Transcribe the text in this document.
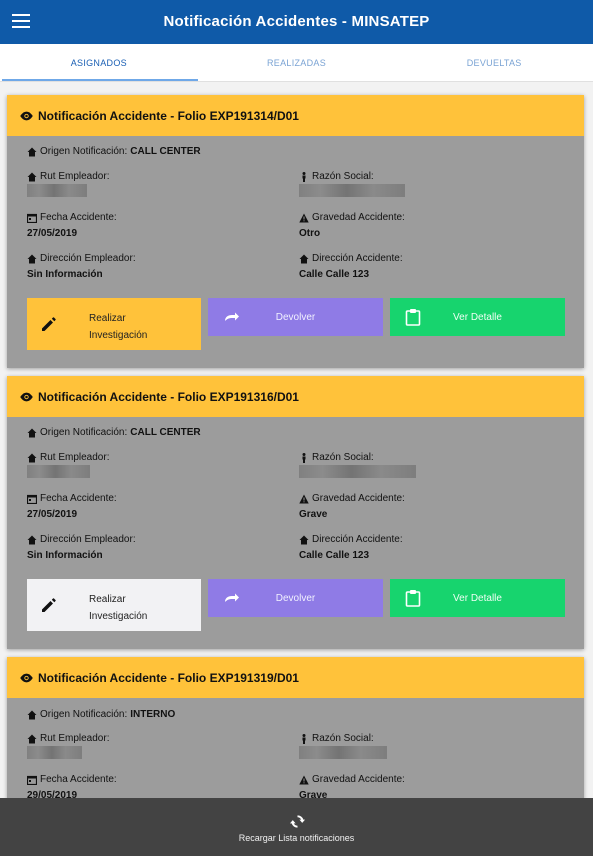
Notificación Accidentes - MINSATEP
ASIGNADOS	REALIZADAS	DEVUELTAS
Notificación Accidente - Folio EXP191314/D01
Origen Notificación: CALL CENTER
Rut Empleador:	Razón Social:
Fecha Accidente:
27/05/2019
Gravedad Accidente:
Otro
Dirección Empleador:
Sin Información
Dirección Accidente:
Calle Calle 123
Realizar Investigación
Devolver	Ver Detalle
Notificación Accidente - Folio EXP191316/D01
Origen Notificación: CALL CENTER
Rut Empleador:	Razón Social:
Fecha Accidente:
27/05/2019
Gravedad Accidente:
Grave
Dirección Empleador:
Sin Información
Dirección Accidente:
Calle Calle 123
Realizar Investigación
Devolver	Ver Detalle
Notificación Accidente - Folio EXP191319/D01
Origen Notificación: INTERNO
Rut Empleador:	Razón Social:
Fecha Accidente:
29/05/2019
Gravedad Accidente:
Grave
Recargar Lista notificaciones
